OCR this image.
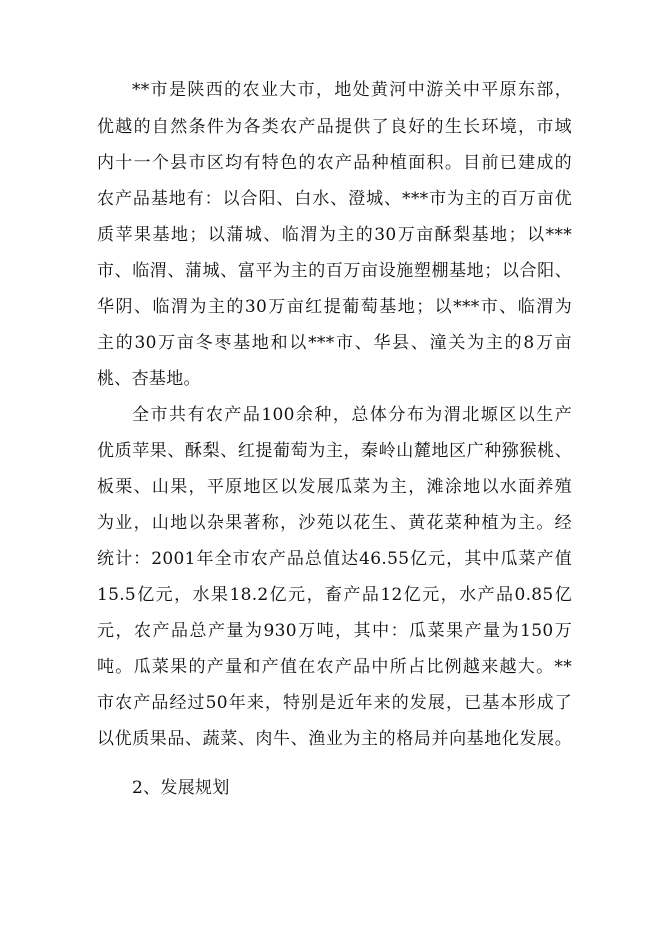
**市是陕西的农业大市，地处黄河中游关中平原东部，
优越的自然条件为各类农产品提供了良好的生长环境，市域
内十一个县市区均有特色的农产品种植面积。目前已建成的
农产品基地有：以合阳、白水、澄城、***市为主的百万亩优
质苹果基地；以蒲城、临渭为主的30万亩酥梨基地；以***
市、临渭、蒲城、富平为主的百万亩设施塑棚基地；以合阳、
华阴、临渭为主的30万亩红提葡萄基地；以***市、临渭为
主的30万亩冬枣基地和以***市、华县、潼关为主的8万亩
桃、杏基地。
全市共有农产品100余种，总体分布为渭北塬区以生产
优质苹果、酥梨、红提葡萄为主，秦岭山麓地区广种猕猴桃、
板栗、山果，平原地区以发展瓜菜为主，滩涂地以水面养殖
为业，山地以杂果著称，沙苑以花生、黄花菜种植为主。经
统计：2001年全市农产品总值达46.55亿元，其中瓜菜产值
15.5亿元，水果18.2亿元，畜产品12亿元，水产品0.85亿
元，农产品总产量为930万吨，其中：瓜菜果产量为150万
吨。瓜菜果的产量和产值在农产品中所占比例越来越大。**
市农产品经过50年来，特别是近年来的发展，已基本形成了
以优质果品、蔬菜、肉牛、渔业为主的格局并向基地化发展。
2、发展规划
